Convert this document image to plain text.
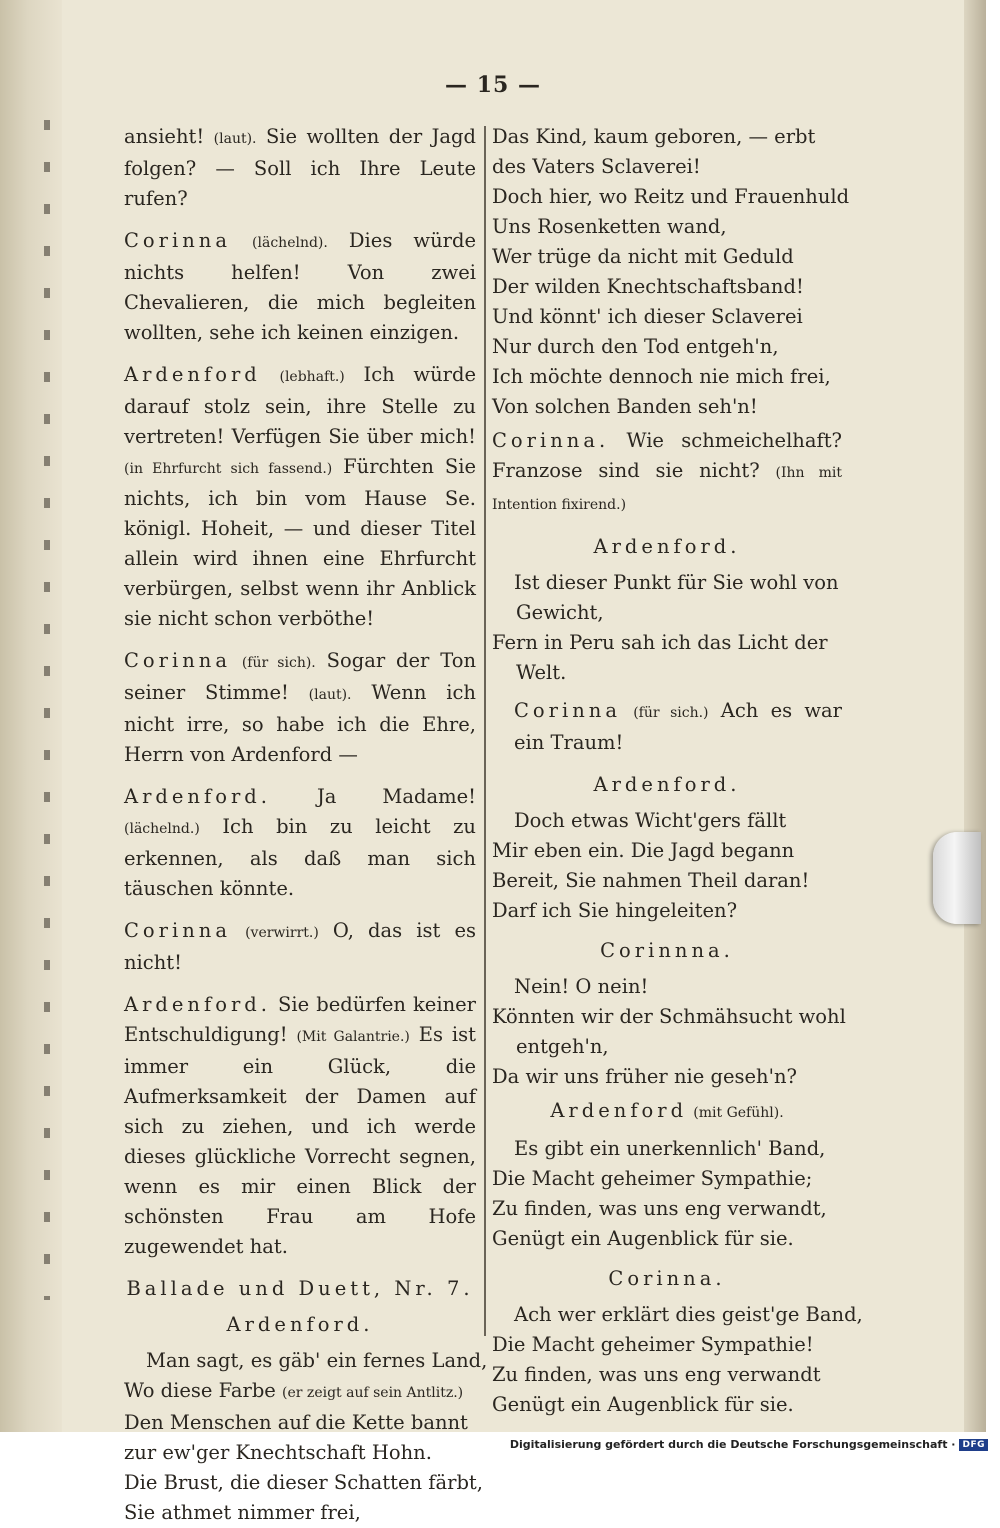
— 15 —

ansieht! (laut). Sie wollten der Jagd folgen? — Soll ich Ihre Leute rufen?

Corinna (lächelnd). Dies würde nichts helfen! Von zwei Chevalieren, die mich begleiten wollten, sehe ich keinen einzigen.

Ardenford (lebhaft.) Ich würde darauf stolz sein, ihre Stelle zu vertreten! Verfügen Sie über mich! (in Ehrfurcht sich fassend.) Fürchten Sie nichts, ich bin vom Hause Se. königl. Hoheit, — und dieser Titel allein wird ihnen eine Ehrfurcht verbürgen, selbst wenn ihr Anblick sie nicht schon verböthe!

Corinna (für sich). Sogar der Ton seiner Stimme! (laut). Wenn ich nicht irre, so habe ich die Ehre, Herrn von Ardenford —

Ardenford. Ja Madame! (lächelnd.) Ich bin zu leicht zu erkennen, als daß man sich täuschen könnte.

Corinna (verwirrt.) O, das ist es nicht!

Ardenford. Sie bedürfen keiner Entschuldigung! (Mit Galantrie.) Es ist immer ein Glück, die Aufmerksamkeit der Damen auf sich zu ziehen, und ich werde dieses glückliche Vorrecht segnen, wenn es mir einen Blick der schönsten Frau am Hofe zugewendet hat.

Ballade und Duett, Nr. 7.

Ardenford.

Man sagt, es gäb' ein fernes Land,

Wo diese Farbe (er zeigt auf sein Antlitz.)

Den Menschen auf die Kette bannt

zur ew'ger Knechtschaft Hohn.

Die Brust, die dieser Schatten färbt,

Sie athmet nimmer frei,

Das Kind, kaum geboren, — erbt

des Vaters Sclaverei!

Doch hier, wo Reitz und Frauenhuld

Uns Rosenketten wand,

Wer trüge da nicht mit Geduld

Der wilden Knechtschaftsband!

Und könnt' ich dieser Sclaverei

Nur durch den Tod entgeh'n,

Ich möchte dennoch nie mich frei,

Von solchen Banden seh'n!

Corinna. Wie schmeichelhaft? Franzose sind sie nicht? (Ihn mit Intention fixirend.)

Ardenford.

Ist dieser Punkt für Sie wohl von

Gewicht,

Fern in Peru sah ich das Licht der

Welt.

Corinna (für sich.) Ach es war ein Traum!

Ardenford.

Doch etwas Wicht'gers fällt

Mir eben ein. Die Jagd begann

Bereit, Sie nahmen Theil daran!

Darf ich Sie hingeleiten?

Corinnna.

Nein! O nein!

Könnten wir der Schmähsucht wohl

entgeh'n,

Da wir uns früher nie geseh'n?

Ardenford (mit Gefühl).

Es gibt ein unerkennlich' Band,

Die Macht geheimer Sympathie;

Zu finden, was uns eng verwandt,

Genügt ein Augenblick für sie.

Corinna.

Ach wer erklärt dies geist'ge Band,

Die Macht geheimer Sympathie!

Zu finden, was uns eng verwandt

Genügt ein Augenblick für sie.

Digitalisierung gefördert durch die Deutsche Forschungsgemeinschaft · DFG
